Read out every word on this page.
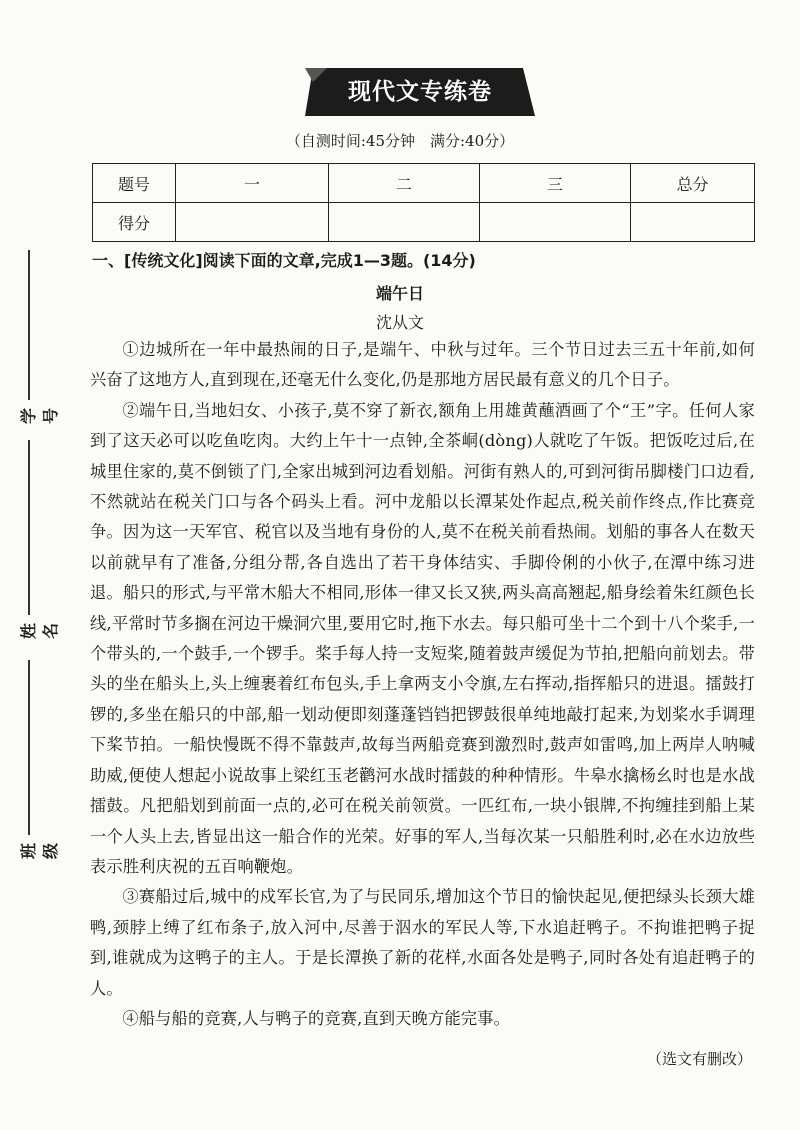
现代文专练卷
（自测时间:45分钟　满分:40分）
题号	一	二	三	总分
得分				
学号
姓名
班级
一、[传统文化]阅读下面的文章,完成1—3题。(14分)
端午日
沈从文

①边城所在一年中最热闹的日子,是端午、中秋与过年。三个节日过去三五十年前,如何兴奋了这地方人,直到现在,还毫无什么变化,仍是那地方居民最有意义的几个日子。

②端午日,当地妇女、小孩子,莫不穿了新衣,额角上用雄黄蘸酒画了个“王”字。任何人家到了这天必可以吃鱼吃肉。大约上午十一点钟,全茶峒(dòng)人就吃了午饭。把饭吃过后,在城里住家的,莫不倒锁了门,全家出城到河边看划船。河街有熟人的,可到河街吊脚楼门口边看,不然就站在税关门口与各个码头上看。河中龙船以长潭某处作起点,税关前作终点,作比赛竞争。因为这一天军官、税官以及当地有身份的人,莫不在税关前看热闹。划船的事各人在数天以前就早有了准备,分组分帮,各自选出了若干身体结实、手脚伶俐的小伙子,在潭中练习进退。船只的形式,与平常木船大不相同,形体一律又长又狭,两头高高翘起,船身绘着朱红颜色长线,平常时节多搁在河边干燥洞穴里,要用它时,拖下水去。每只船可坐十二个到十八个桨手,一个带头的,一个鼓手,一个锣手。桨手每人持一支短桨,随着鼓声缓促为节拍,把船向前划去。带头的坐在船头上,头上缠裹着红布包头,手上拿两支小令旗,左右挥动,指挥船只的进退。擂鼓打锣的,多坐在船只的中部,船一划动便即刻蓬蓬铛铛把锣鼓很单纯地敲打起来,为划桨水手调理下桨节拍。一船快慢既不得不靠鼓声,故每当两船竞赛到激烈时,鼓声如雷鸣,加上两岸人呐喊助威,便使人想起小说故事上梁红玉老鹳河水战时擂鼓的种种情形。牛皋水擒杨幺时也是水战擂鼓。凡把船划到前面一点的,必可在税关前领赏。一匹红布,一块小银牌,不拘缠挂到船上某一个人头上去,皆显出这一船合作的光荣。好事的军人,当每次某一只船胜利时,必在水边放些表示胜利庆祝的五百响鞭炮。

③赛船过后,城中的戍军长官,为了与民同乐,增加这个节日的愉快起见,便把绿头长颈大雄鸭,颈脖上缚了红布条子,放入河中,尽善于泅水的军民人等,下水追赶鸭子。不拘谁把鸭子捉到,谁就成为这鸭子的主人。于是长潭换了新的花样,水面各处是鸭子,同时各处有追赶鸭子的人。

④船与船的竞赛,人与鸭子的竞赛,直到天晚方能完事。

（选文有删改）
